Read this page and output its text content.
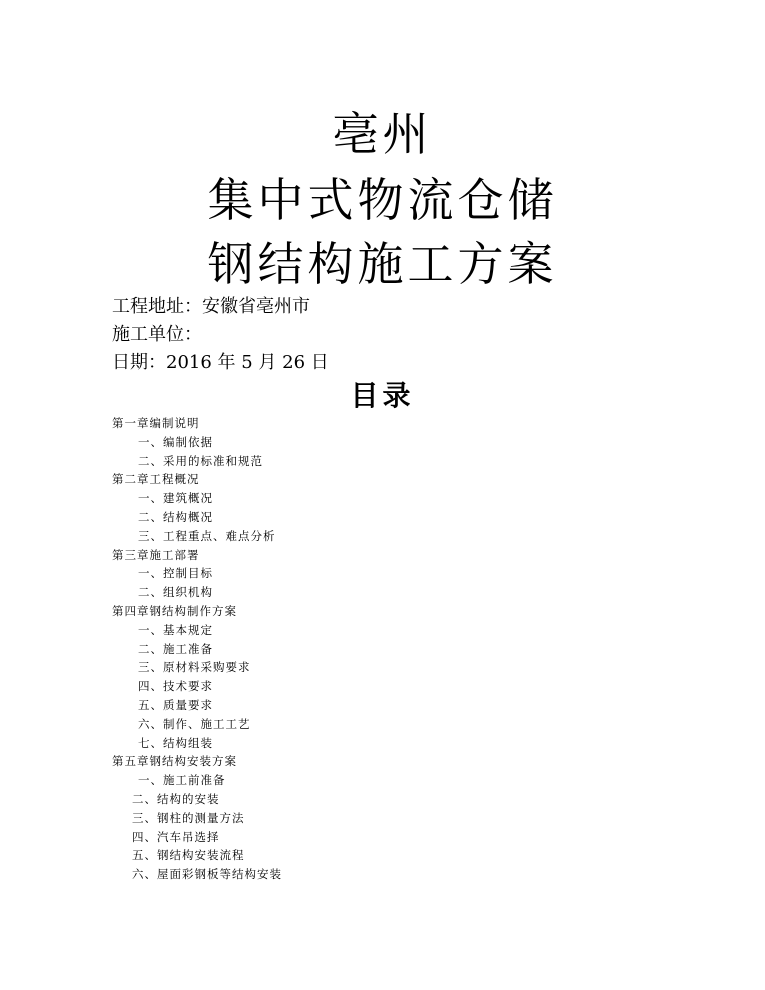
亳州
集中式物流仓储
钢结构施工方案
工程地址：安徽省亳州市
施工单位：
日期：2016 年 5 月 26 日
目录
第一章编制说明
一、编制依据
二、采用的标准和规范
第二章工程概况
一、建筑概况
二、结构概况
三、工程重点、难点分析
第三章施工部署
一、控制目标
二、组织机构
第四章钢结构制作方案
一、基本规定
二、施工准备
三、原材料采购要求
四、技术要求
五、质量要求
六、制作、施工工艺
七、结构组装
第五章钢结构安装方案
一、施工前准备
二、结构的安装
三、钢柱的测量方法
四、汽车吊选择
五、钢结构安装流程
六、屋面彩钢板等结构安装
